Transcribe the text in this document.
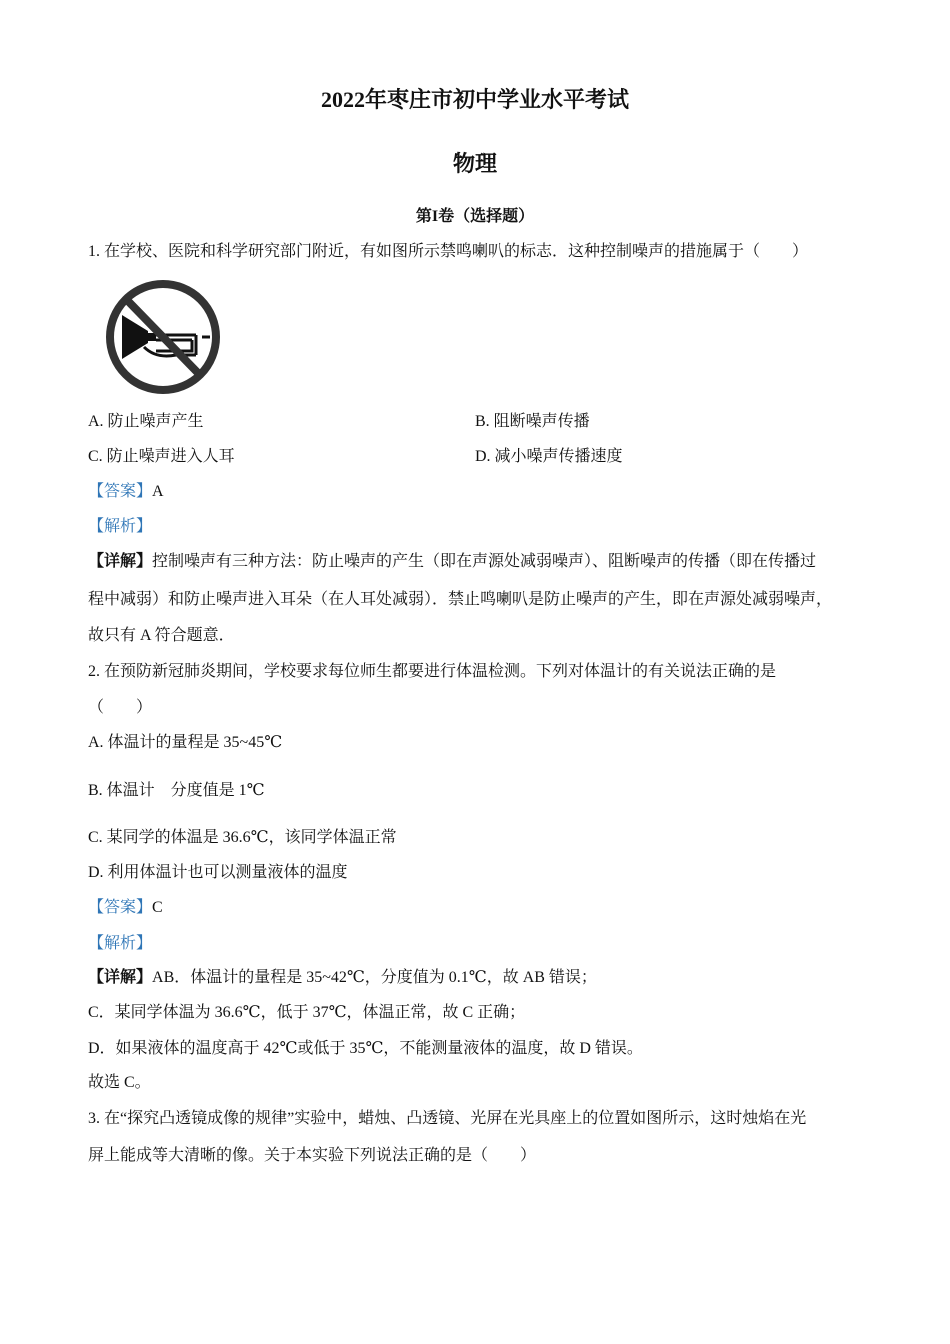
2022年枣庄市初中学业水平考试
物理
第I卷（选择题）
1. 在学校、医院和科学研究部门附近，有如图所示禁鸣喇叭的标志．这种控制噪声的措施属于（　　）
A. 防止噪声产生	B. 阻断噪声传播
C. 防止噪声进入人耳	D. 减小噪声传播速度
【答案】A
【解析】
【详解】控制噪声有三种方法：防止噪声的产生（即在声源处减弱噪声）、阻断噪声的传播（即在传播过
程中减弱）和防止噪声进入耳朵（在人耳处减弱）．禁止鸣喇叭是防止噪声的产生，即在声源处减弱噪声，
故只有 A 符合题意．
2. 在预防新冠肺炎期间，学校要求每位师生都要进行体温检测。下列对体温计的有关说法正确的是
（　　）
A. 体温计的量程是 35~45℃
B. 体温计　分度值是 1℃
C. 某同学的体温是 36.6℃，该同学体温正常
D. 利用体温计也可以测量液体的温度
【答案】C
【解析】
【详解】AB．体温计的量程是 35~42℃，分度值为 0.1℃，故 AB 错误；
C．某同学体温为 36.6℃，低于 37℃，体温正常，故 C 正确；
D．如果液体的温度高于 42℃或低于 35℃，不能测量液体的温度，故 D 错误。
故选 C。
3. 在“探究凸透镜成像的规律”实验中，蜡烛、凸透镜、光屏在光具座上的位置如图所示，这时烛焰在光
屏上能成等大清晰的像。关于本实验下列说法正确的是（　　）
